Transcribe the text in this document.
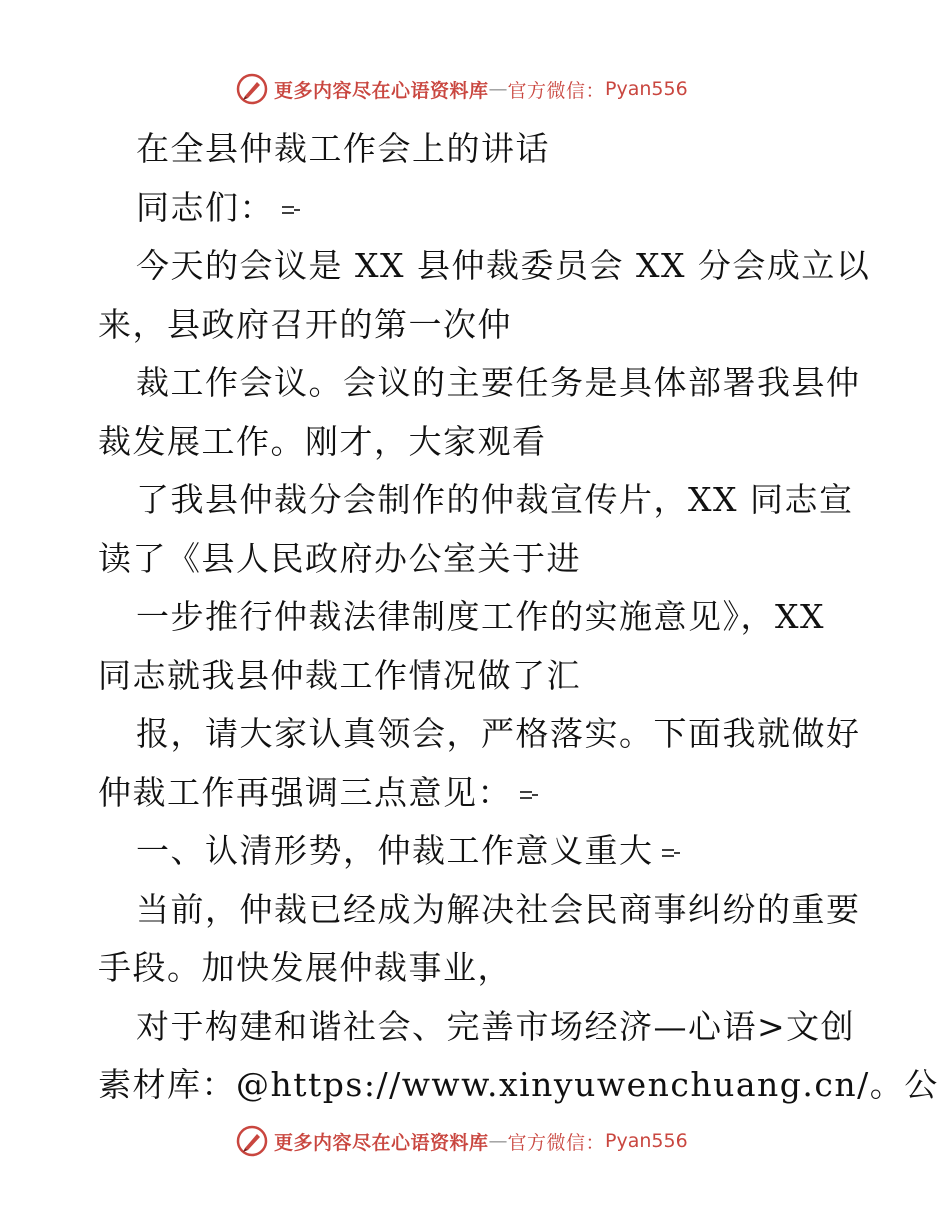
更多内容尽在心语资料库 — 官方微信： Pyan556
在全县仲裁工作会上的讲话
同志们：
今天的会议是 XX 县仲裁委员会 XX 分会成立以
来，县政府召开的第一次仲
裁工作会议。会议的主要任务是具体部署我县仲
裁发展工作。刚才，大家观看
了我县仲裁分会制作的仲裁宣传片，XX 同志宣
读了《县人民政府办公室关于进
一步推行仲裁法律制度工作的实施意见》，XX
同志就我县仲裁工作情况做了汇
报，请大家认真领会，严格落实。下面我就做好
仲裁工作再强调三点意见：
一、认清形势，仲裁工作意义重大
当前，仲裁已经成为解决社会民商事纠纷的重要
手段。加快发展仲裁事业，
对于构建和谐社会、完善市场经济—心语>文创
素材库：@https://www.xinyuwenchuang.cn/。公
更多内容尽在心语资料库 — 官方微信： Pyan556
